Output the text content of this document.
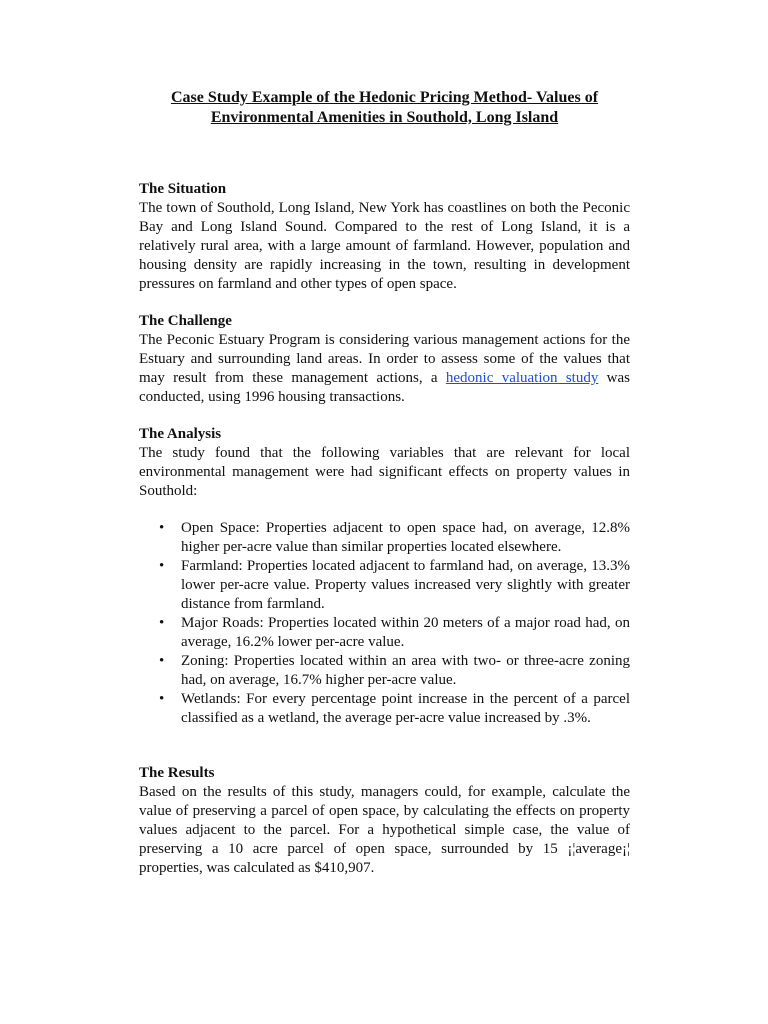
Case Study Example of the Hedonic Pricing Method- Values of
Environmental Amenities in Southold, Long Island
The Situation

The town of Southold, Long Island, New York has coastlines on both the Peconic Bay and Long Island Sound. Compared to the rest of Long Island, it is a relatively rural area, with a large amount of farmland. However, population and housing density are rapidly increasing in the town, resulting in development pressures on farmland and other types of open space.

The Challenge

The Peconic Estuary Program is considering various management actions for the Estuary and surrounding land areas. In order to assess some of the values that may result from these management actions, a hedonic valuation study was conducted, using 1996 housing transactions.

The Analysis

The study found that the following variables that are relevant for local environmental management were had significant effects on property values in Southold:

• Open Space: Properties adjacent to open space had, on average, 12.8% higher per-acre value than similar properties located elsewhere.
• Farmland: Properties located adjacent to farmland had, on average, 13.3% lower per-acre value. Property values increased very slightly with greater distance from farmland.
• Major Roads: Properties located within 20 meters of a major road had, on average, 16.2% lower per-acre value.
• Zoning: Properties located within an area with two- or three-acre zoning had, on average, 16.7% higher per-acre value.
• Wetlands: For every percentage point increase in the percent of a parcel classified as a wetland, the average per-acre value increased by .3%.
The Results

Based on the results of this study, managers could, for example, calculate the value of preserving a parcel of open space, by calculating the effects on property values adjacent to the parcel. For a hypothetical simple case, the value of preserving a 10 acre parcel of open space, surrounded by 15 ¡¦average¡¦ properties, was calculated as $410,907.
